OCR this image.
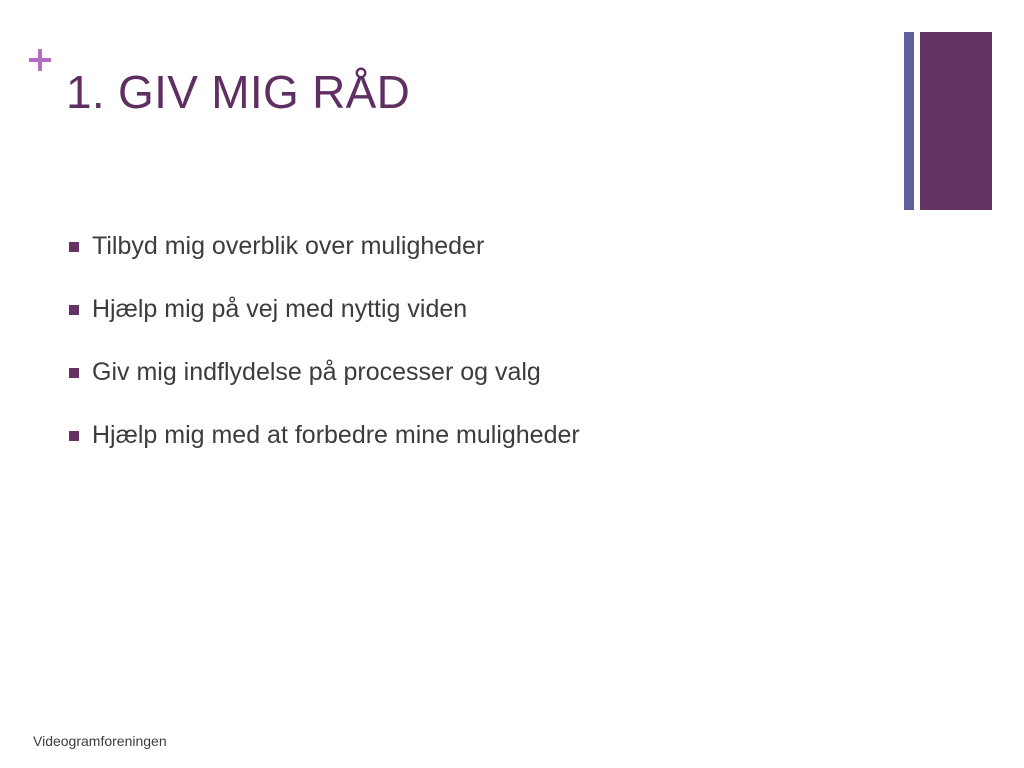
1. GIV MIG RÅD
Tilbyd mig overblik over muligheder
Hjælp mig på vej med nyttig viden
Giv mig indflydelse på processer og valg
Hjælp mig med at forbedre mine muligheder
Videogramforeningen
